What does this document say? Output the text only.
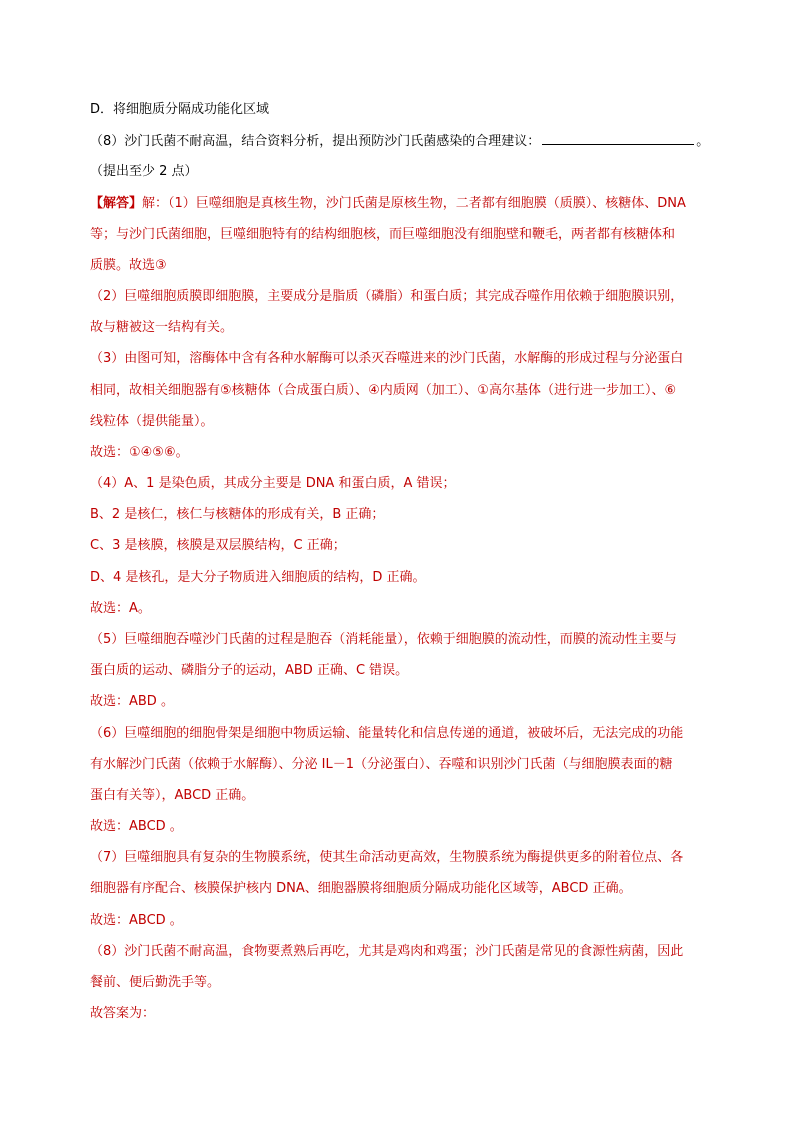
D．将细胞质分隔成功能化区域
（8）沙门氏菌不耐高温，结合资料分析，提出预防沙门氏菌感染的合理建议：	。
（提出至少 2 点）
【解答】解：（1）巨噬细胞是真核生物，沙门氏菌是原核生物，二者都有细胞膜（质膜）、核糖体、DNA
等；与沙门氏菌细胞，巨噬细胞特有的结构细胞核，而巨噬细胞没有细胞壁和鞭毛，两者都有核糖体和
质膜。故选③
（2）巨噬细胞质膜即细胞膜，主要成分是脂质（磷脂）和蛋白质；其完成吞噬作用依赖于细胞膜识别，
故与糖被这一结构有关。
（3）由图可知，溶酶体中含有各种水解酶可以杀灭吞噬进来的沙门氏菌，水解酶的形成过程与分泌蛋白
相同，故相关细胞器有⑤核糖体（合成蛋白质）、④内质网（加工）、①高尔基体（进行进一步加工）、⑥
线粒体（提供能量）。
故选：①④⑤⑥。
（4）A、1 是染色质，其成分主要是 DNA 和蛋白质，A 错误；
B、2 是核仁，核仁与核糖体的形成有关，B 正确；
C、3 是核膜，核膜是双层膜结构，C 正确；
D、4 是核孔，是大分子物质进入细胞质的结构，D 正确。
故选：A。
（5）巨噬细胞吞噬沙门氏菌的过程是胞吞（消耗能量），依赖于细胞膜的流动性，而膜的流动性主要与
蛋白质的运动、磷脂分子的运动，ABD 正确、C 错误。
故选：ABD 。
（6）巨噬细胞的细胞骨架是细胞中物质运输、能量转化和信息传递的通道，被破坏后，无法完成的功能
有水解沙门氏菌（依赖于水解酶）、分泌 IL－1（分泌蛋白）、吞噬和识别沙门氏菌（与细胞膜表面的糖
蛋白有关等），ABCD 正确。
故选：ABCD 。
（7）巨噬细胞具有复杂的生物膜系统，使其生命活动更高效，生物膜系统为酶提供更多的附着位点、各
细胞器有序配合、核膜保护核内 DNA、细胞器膜将细胞质分隔成功能化区域等，ABCD 正确。
故选：ABCD 。
（8）沙门氏菌不耐高温，食物要煮熟后再吃，尤其是鸡肉和鸡蛋；沙门氏菌是常见的食源性病菌，因此
餐前、便后勤洗手等。
故答案为：
